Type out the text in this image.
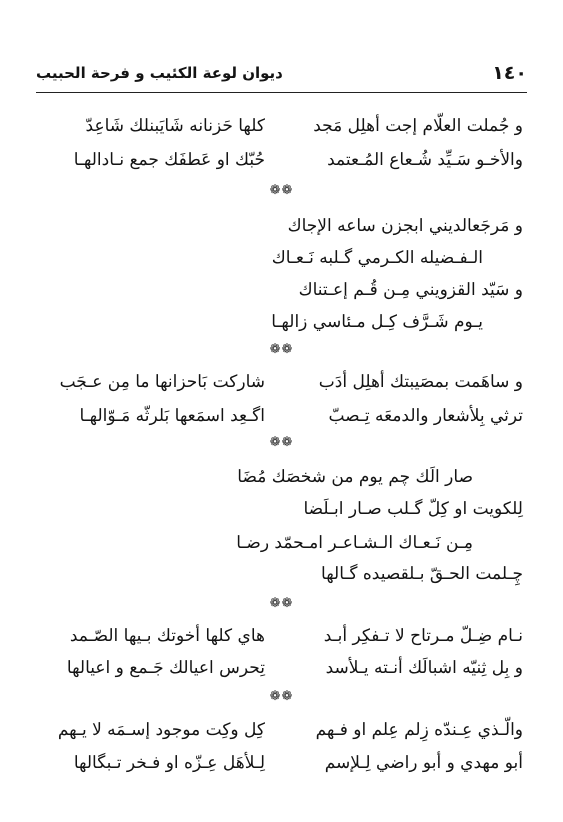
١٤٠
ديوان لوعة الكئيب و فرحة الحبيب
و جُملت العلّام إجت أهلِل مَجد
كلها حَزنانه شَايَبنلك شَاعِدّ
والأخـو سَـيِّد شُـعاع المُـعتمد
حُبّك او عَطفَك جمع نـادالهـا
❁❁
و مَرجَعالديني ابجزن ساعه الإجاك
الـفـضيله الكـرمي گـلبه نَـعـاك
و سَيّد القزويني مِـن قُـم إعـتناك
يـوم شَـرَّف كِـل مـئاسي زالهـا
❁❁
و ساهَمت بمصَيبتك أهلِل أدَب
شاركت بَاحزانها ما مِن عـجَب
ترثي بِلأشعار والدمعَه تِـصبّ
اگـعِد اسمَعها بَلرثّه مَـوّالهـا
❁❁
صار الَك چم يوم من شخصَك مُضَا
لِلكويت او كِلّ گـلب صـار ابـلَضا
مِـن نَـعـاك الـشـاعـر امـحمّد رضـا
چِـلمت الحـقّ بـلقصيده گـالها
❁❁
نـام ضِـلّ مـرتاح لا تـفكِر أبـد
هاي كلها أخوتك بـيها الصّـمد
و بِل ثِنيّه اشبالَك أنـته يـلأسد
تِحرس اعيالك جَـمع و اعيالها
❁❁
والّـذي عِـندّه زِلم عِلم او فـهم
كِل وكِت موجود إسـمَه لا يـهم
أبو مهدي و أبو راضي لِـلإسم
لِـلأهَل عِـزّه او فـخر تـبگالها
